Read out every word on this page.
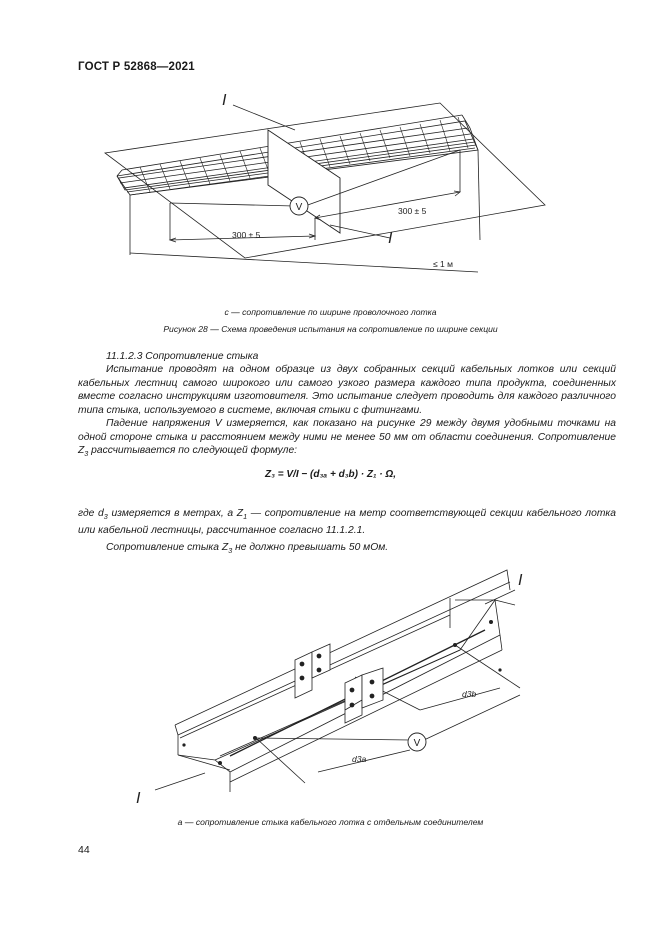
ГОСТ Р 52868—2021
V
I
I
300 ± 5
300 ± 5
≤ 1 м
с — сопротивление по ширине проволочного лотка
Рисунок 28 — Схема проведения испытания на сопротивление по ширине секции
11.1.2.3 Сопротивление стыка
Испытание проводят на одном образце из двух собранных секций кабельных лотков или секций кабельных лестниц самого широкого или самого узкого размера каждого типа продукта, соединенных вместе согласно инструкциям изготовителя. Это испытание следует проводить для каждого различного типа стыка, используемого в системе, включая стыки с фитингами.
Падение напряжения V измеряется, как показано на рисунке 29 между двумя удобными точками на одной стороне стыка и расстоянием между ними не менее 50 мм от области соединения. Сопротивление $Z_3$ рассчитывается по следующей формуле:
Z₃ = V/I − (d₃ₐ + d₃b) · Z₁ · Ω,
где $d_3$ измеряется в метрах, а $Z_1$ — сопротивление на метр соответствующей секции кабельного лотка или кабельной лестницы, рассчитанное согласно 11.1.2.1.
Сопротивление стыка $Z_3$ не должно превышать 50 мОм.
V
I
I
d3b
d3a
а — сопротивление стыка кабельного лотка с отдельным соединителем
44
